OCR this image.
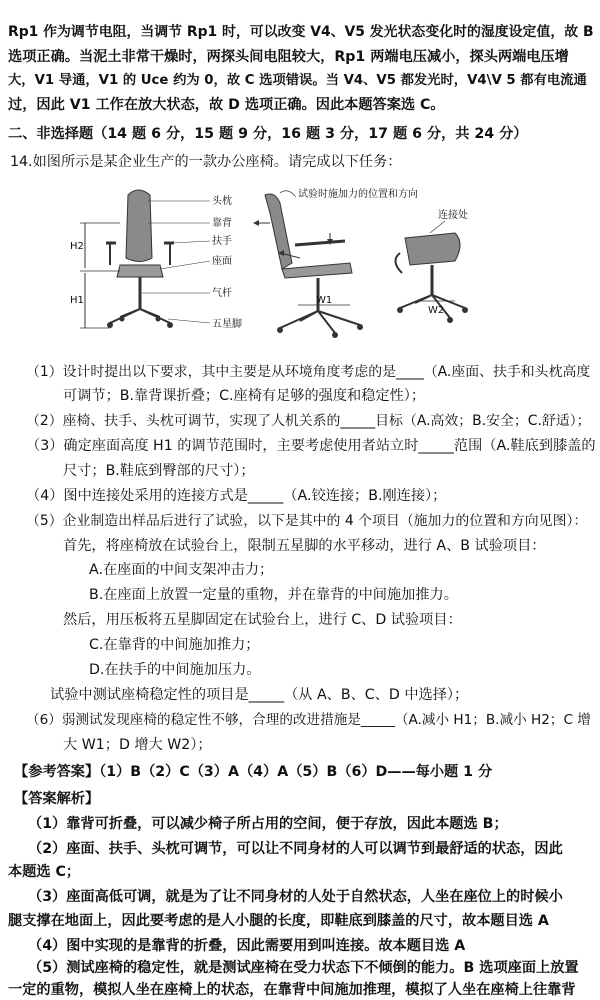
Rp1 作为调节电阻，当调节 Rp1 时，可以改变 V4、V5 发光状态变化时的湿度设定值，故 B
选项正确。当泥土非常干燥时，两探头间电阻较大，Rp1 两端电压减小，探头两端电压增
大，V1 导通，V1 的 Uce 约为 0，故 C 选项错误。当 V4、V5 都发光时，V4\V 5 都有电流通
过，因此 V1 工作在放大状态，故 D 选项正确。因此本题答案选 C。
二、非选择题（14 题 6 分，15 题 9 分，16 题 3 分，17 题 6 分，共 24 分）
14.如图所示是某企业生产的一款办公座椅。请完成以下任务：
H2
H1
头枕
靠背
扶手
座面
气杆
五星脚
W1
试验时施加力的位置和方向
W2
连接处
（1）设计时提出以下要求，其中主要是从环境角度考虑的是____（A.座面、扶手和头枕高度
可调节；B.靠背课折叠；C.座椅有足够的强度和稳定性）；
（2）座椅、扶手、头枕可调节，实现了人机关系的_____目标（A.高效；B.安全；C.舒适）；
（3）确定座面高度 H1 的调节范围时，主要考虑使用者站立时_____范围（A.鞋底到膝盖的
尺寸；B.鞋底到臀部的尺寸）；
（4）图中连接处采用的连接方式是_____（A.铰连接；B.刚连接）；
（5）企业制造出样品后进行了试验，以下是其中的 4 个项目（施加力的位置和方向见图）：
首先，将座椅放在试验台上，限制五星脚的水平移动，进行 A、B 试验项目：
A.在座面的中间支架冲击力；
B.在座面上放置一定量的重物，并在靠背的中间施加推力。
然后，用压板将五星脚固定在试验台上，进行 C、D 试验项目：
C.在靠背的中间施加推力；
D.在扶手的中间施加压力。
试验中测试座椅稳定性的项目是_____（从 A、B、C、D 中选择）；
（6）弱测试发现座椅的稳定性不够，合理的改进措施是_____（A.减小 H1；B.减小 H2；C 增
大 W1；D 增大 W2）；
【参考答案】（1）B（2）C（3）A（4）A（5）B（6）D——每小题 1 分
【答案解析】
（1）靠背可折叠，可以减少椅子所占用的空间，便于存放，因此本题选 B；
（2）座面、扶手、头枕可调节，可以让不同身材的人可以调节到最舒适的状态，因此
本题选 C；
（3）座面高低可调，就是为了让不同身材的人处于自然状态，人坐在座位上的时候小
腿支撑在地面上，因此要考虑的是人小腿的长度，即鞋底到膝盖的尺寸，故本题目选 A
（4）图中实现的是靠背的折叠，因此需要用到叫连接。故本题目选 A
（5）测试座椅的稳定性，就是测试座椅在受力状态下不倾倒的能力。B 选项座面上放置
一定的重物，模拟人坐在座椅上的状态，在靠背中间施加推理，模拟了人坐在座椅上往靠背
